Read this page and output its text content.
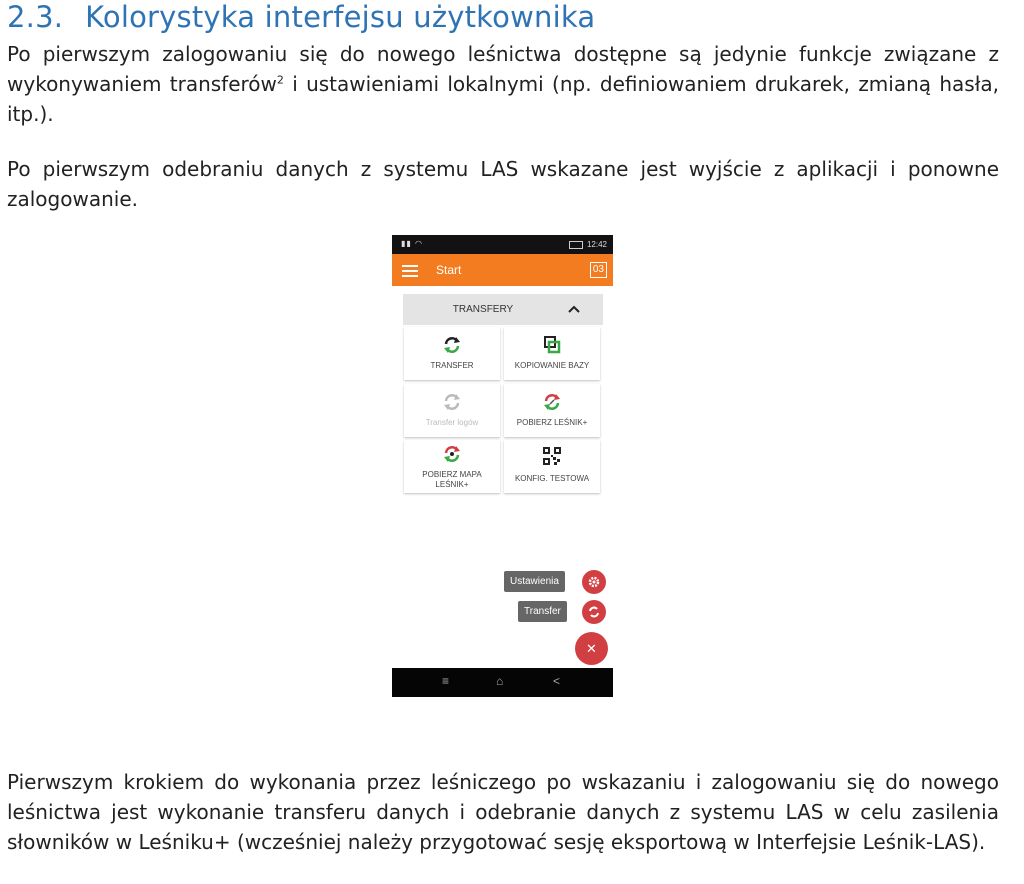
2.3. Kolorystyka interfejsu użytkownika
Po pierwszym zalogowaniu się do nowego leśnictwa dostępne są jedynie funkcje związane z wykonywaniem transferów$^2$ i ustawieniami lokalnymi (np. definiowaniem drukarek, zmianą hasła, itp.).
Po pierwszym odebraniu danych z systemu LAS wskazane jest wyjście z aplikacji i ponowne zalogowanie.
▮▮ ◠	12:42
Start	03
TRANSFERY
TRANSFER	KOPIOWANIE BAZY
Transfer logów	POBIERZ LEŚNIK+
POBIERZ MAPA
LEŚNIK+
KONFIG. TESTOWA
Ustawienia
Transfer
✕
≡	⌂	<
Pierwszym krokiem do wykonania przez leśniczego po wskazaniu i zalogowaniu się do nowego leśnictwa jest wykonanie transferu danych i odebranie danych z systemu LAS w celu zasilenia słowników w Leśniku+ (wcześniej należy przygotować sesję eksportową w Interfejsie Leśnik-LAS).
